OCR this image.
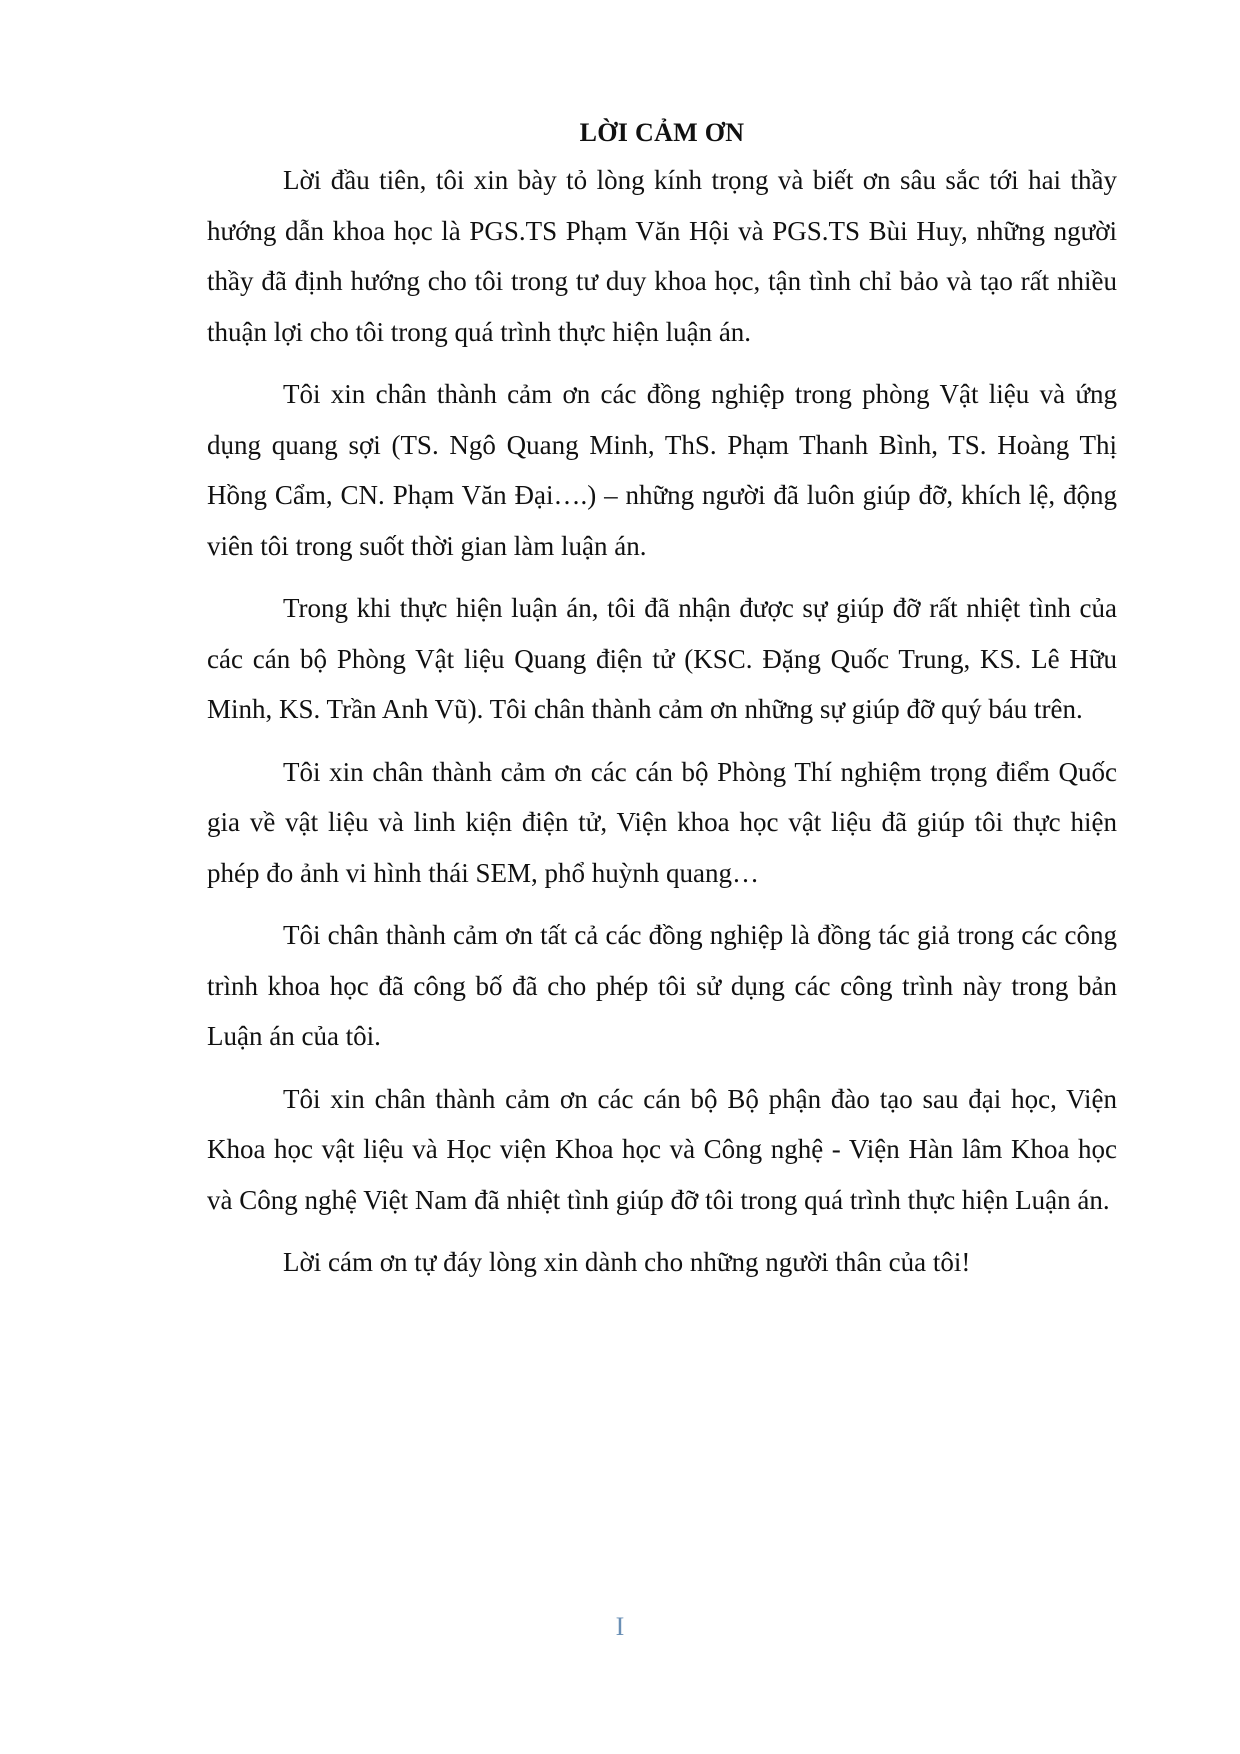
LỜI CẢM ƠN

Lời đầu tiên, tôi xin bày tỏ lòng kính trọng và biết ơn sâu sắc tới hai thầy hướng dẫn khoa học là PGS.TS Phạm Văn Hội và PGS.TS Bùi Huy, những người thầy đã định hướng cho tôi trong tư duy khoa học, tận tình chỉ bảo và tạo rất nhiều thuận lợi cho tôi trong quá trình thực hiện luận án.

Tôi xin chân thành cảm ơn các đồng nghiệp trong phòng Vật liệu và ứng dụng quang sợi (TS. Ngô Quang Minh, ThS. Phạm Thanh Bình, TS. Hoàng Thị Hồng Cẩm, CN. Phạm Văn Đại….) – những người đã luôn giúp đỡ, khích lệ, động viên tôi trong suốt thời gian làm luận án.

Trong khi thực hiện luận án, tôi đã nhận được sự giúp đỡ rất nhiệt tình của các cán bộ Phòng Vật liệu Quang điện tử (KSC. Đặng Quốc Trung, KS. Lê Hữu Minh, KS. Trần Anh Vũ). Tôi chân thành cảm ơn những sự giúp đỡ quý báu trên.

Tôi xin chân thành cảm ơn các cán bộ Phòng Thí nghiệm trọng điểm Quốc gia về vật liệu và linh kiện điện tử, Viện khoa học vật liệu đã giúp tôi thực hiện phép đo ảnh vi hình thái SEM, phổ huỳnh quang…

Tôi chân thành cảm ơn tất cả các đồng nghiệp là đồng tác giả trong các công trình khoa học đã công bố đã cho phép tôi sử dụng các công trình này trong bản Luận án của tôi.

Tôi xin chân thành cảm ơn các cán bộ Bộ phận đào tạo sau đại học, Viện Khoa học vật liệu và Học viện Khoa học và Công nghệ - Viện Hàn lâm Khoa học và Công nghệ Việt Nam đã nhiệt tình giúp đỡ tôi trong quá trình thực hiện Luận án.

Lời cám ơn tự đáy lòng xin dành cho những người thân của tôi!

I
